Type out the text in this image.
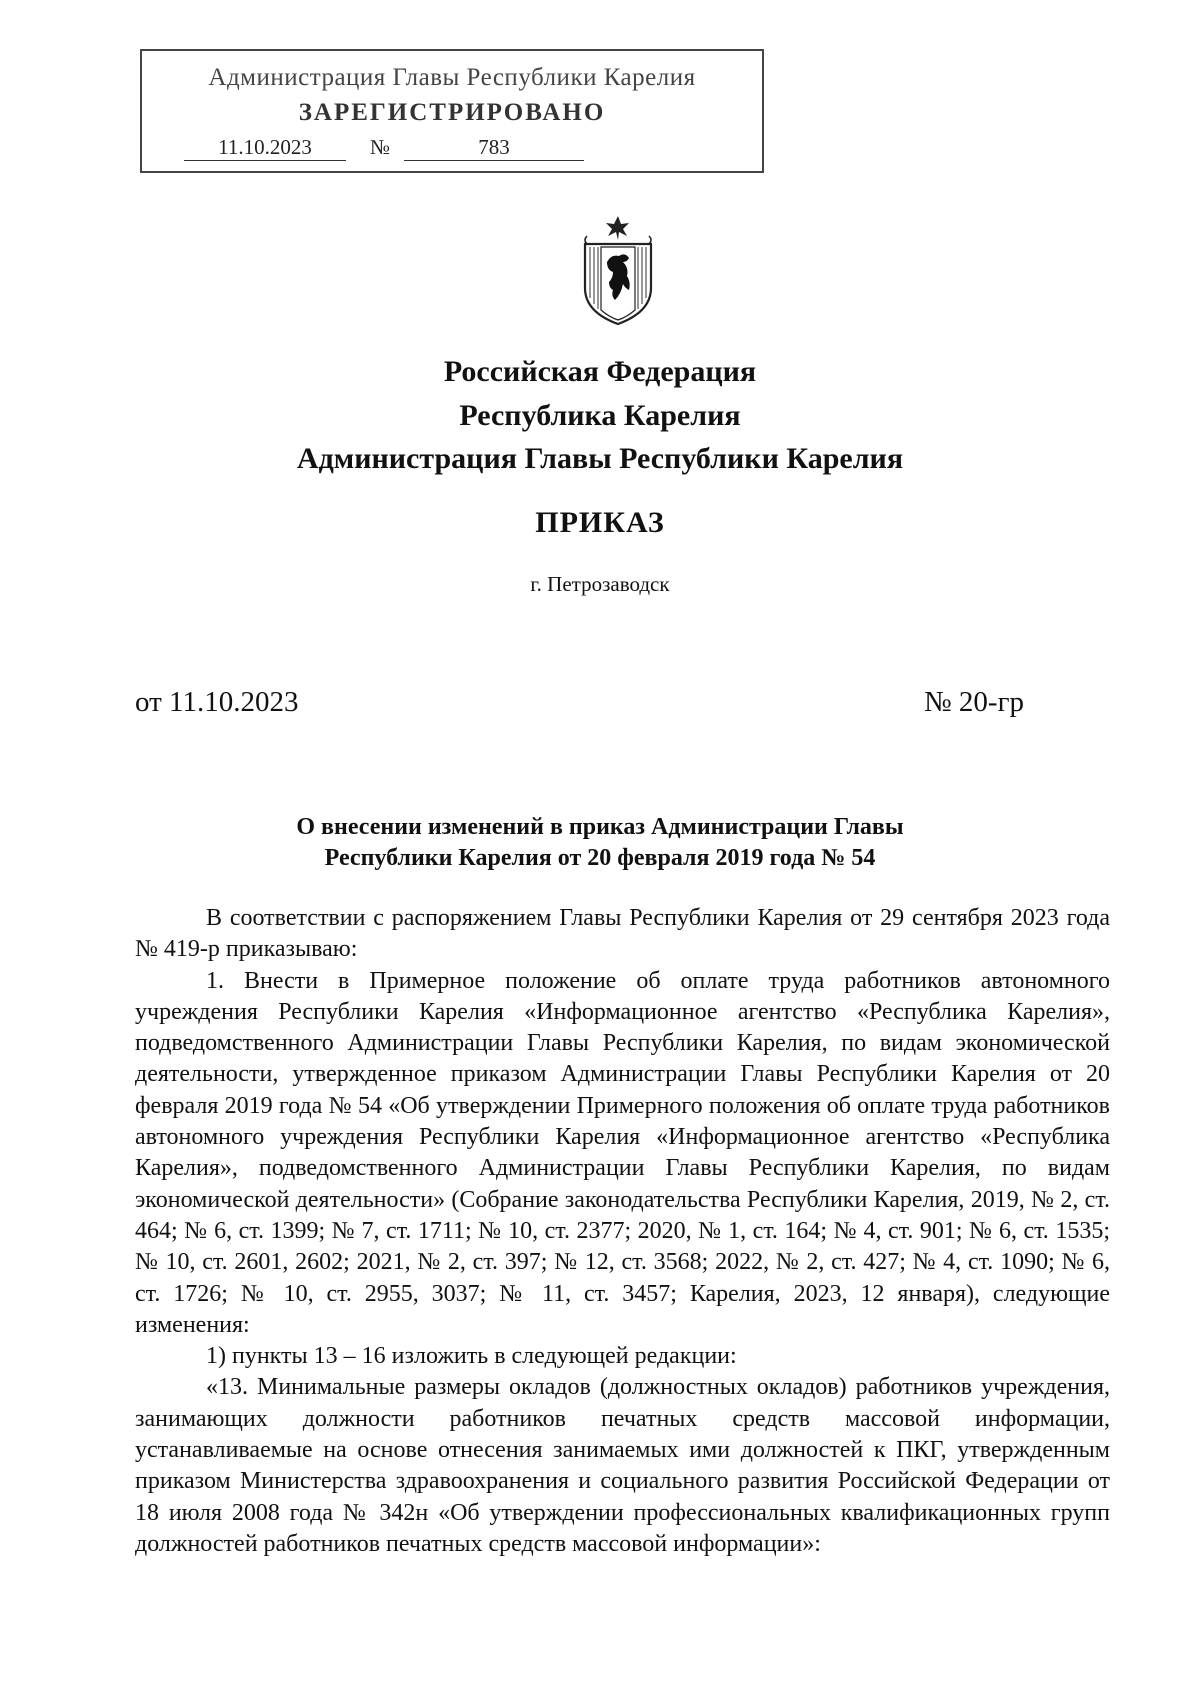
Администрация Главы Республики Карелия
ЗАРЕГИСТРИРОВАНО
11.10.2023	№	783
Российская Федерация
Республика Карелия
Администрация Главы Республики Карелия
ПРИКАЗ
г. Петрозаводск
от 11.10.2023	№ 20-гр
О внесении изменений в приказ Администрации Главы
Республики Карелия от 20 февраля 2019 года № 54

В соответствии с распоряжением Главы Республики Карелия от 29 сентября 2023 года № 419-р приказываю:

1. Внести в Примерное положение об оплате труда работников автономного учреждения Республики Карелия «Информационное агентство «Республика Карелия», подведомственного Администрации Главы Республики Карелия, по видам экономической деятельности, утвержденное приказом Администрации Главы Республики Карелия от 20 февраля 2019 года № 54 «Об утверждении Примерного положения об оплате труда работников автономного учреждения Республики Карелия «Информационное агентство «Республика Карелия», подведомственного Администрации Главы Республики Карелия, по видам экономической деятельности» (Собрание законодательства Республики Карелия, 2019, № 2, ст. 464; № 6, ст. 1399; № 7, ст. 1711; № 10, ст. 2377; 2020, № 1, ст. 164; № 4, ст. 901; № 6, ст. 1535; № 10, ст. 2601, 2602; 2021, № 2, ст. 397; № 12, ст. 3568; 2022, № 2, ст. 427; № 4, ст. 1090; № 6, ст. 1726; № 10, ст. 2955, 3037; № 11, ст. 3457; Карелия, 2023, 12 января), следующие изменения:

1) пункты 13 – 16 изложить в следующей редакции:

«13. Минимальные размеры окладов (должностных окладов) работников учреждения, занимающих должности работников печатных средств массовой информации, устанавливаемые на основе отнесения занимаемых ими должностей к ПКГ, утвержденным приказом Министерства здравоохранения и социального развития Российской Федерации от 18 июля 2008 года № 342н «Об утверждении профессиональных квалификационных групп должностей работников печатных средств массовой информации»:
